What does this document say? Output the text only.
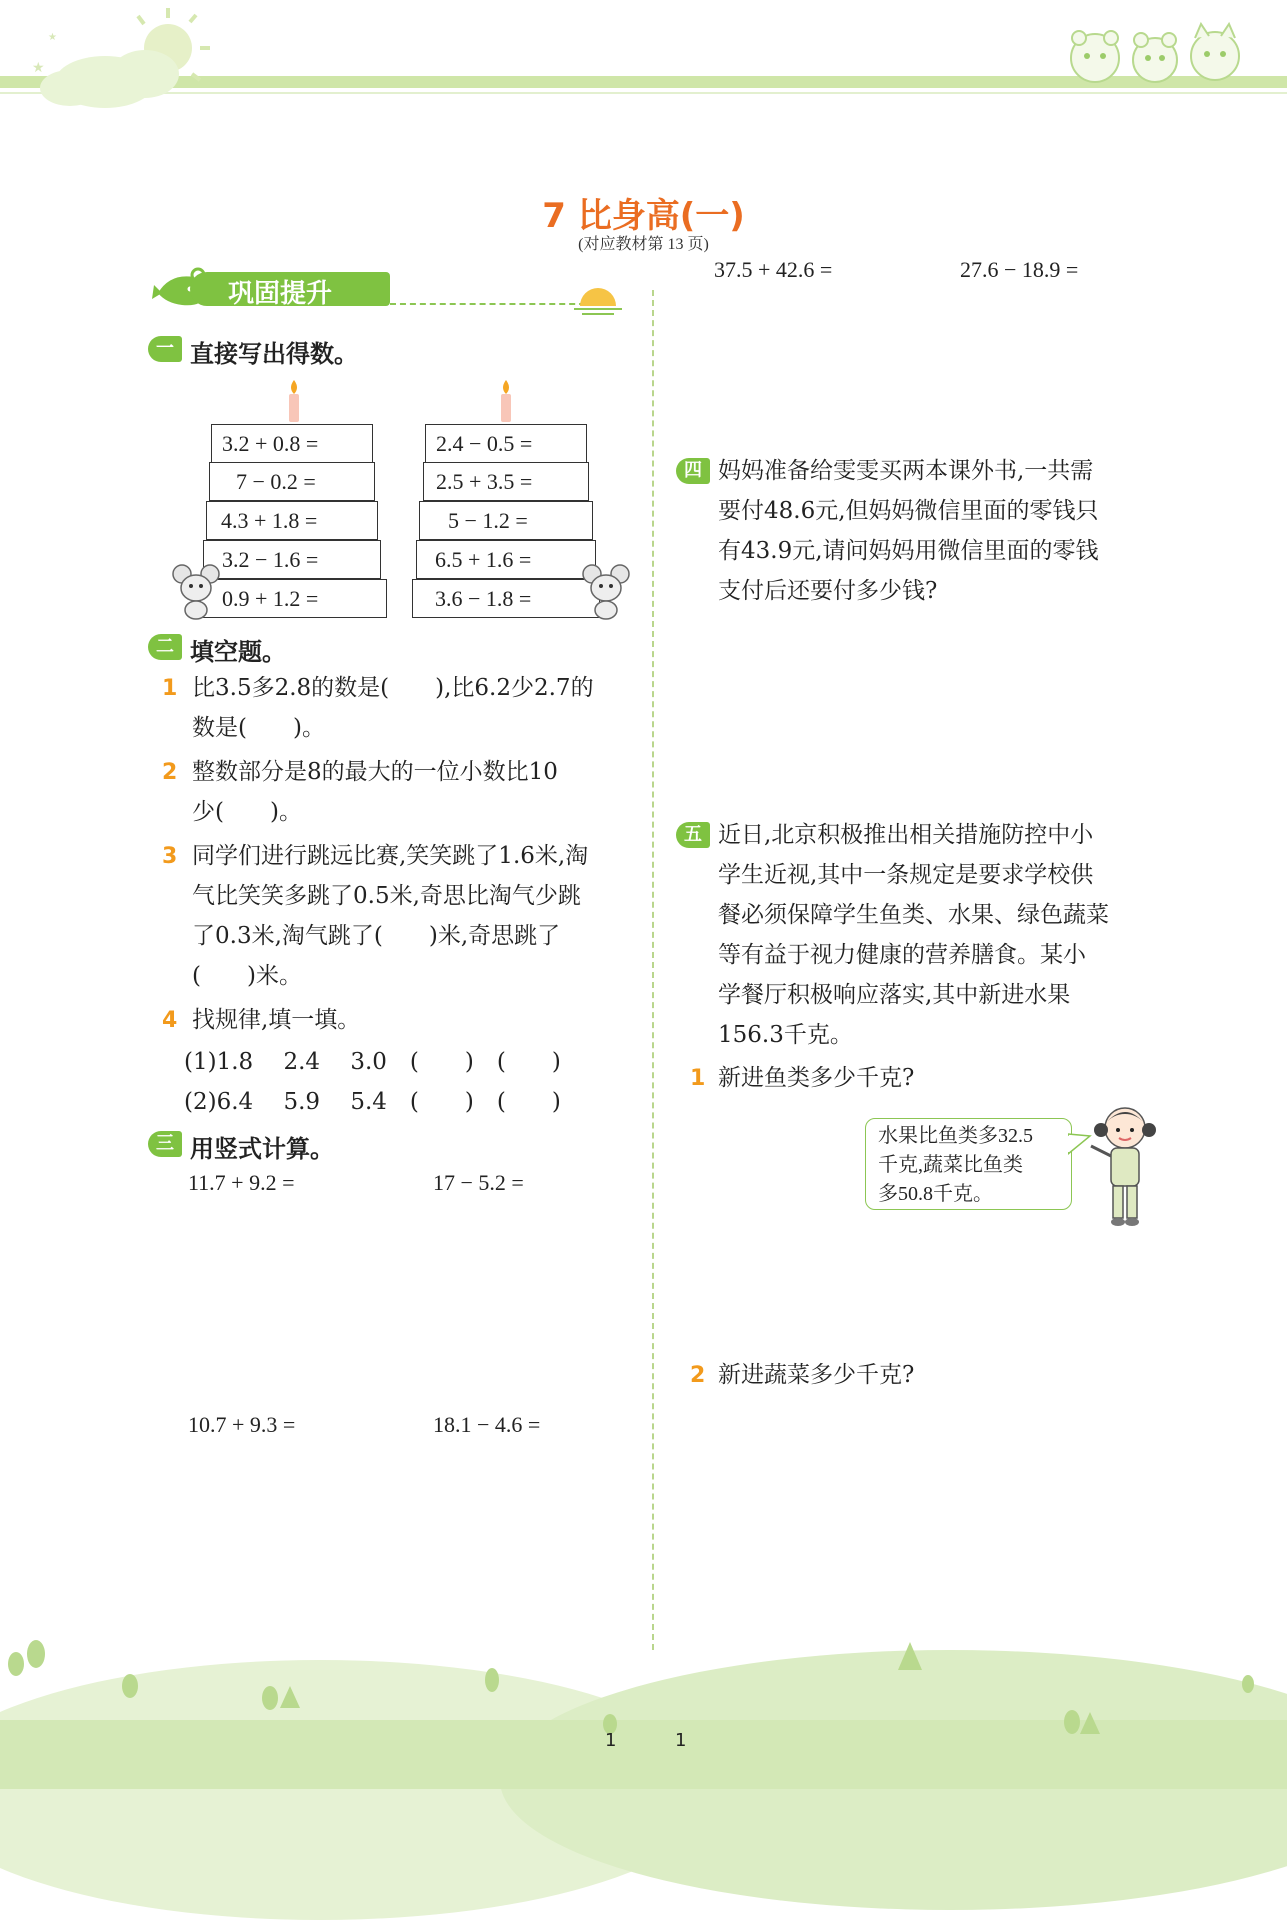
★
★
7 比身高(一)
(对应教材第 13 页)
巩固提升
一 直接写出得数。
3.2 + 0.8 =
7 − 0.2 =
4.3 + 1.8 =
3.2 − 1.6 =
0.9 + 1.2 =
2.4 − 0.5 =
2.5 + 3.5 =
5 − 1.2 =
6.5 + 1.6 =
3.6 − 1.8 =
二 填空题。
1 比3.5多2.8的数是(　　),比6.2少2.7的
数是(　　)。
2 整数部分是8的最大的一位小数比10
少(　　)。
3 同学们进行跳远比赛,笑笑跳了1.6米,淘
气比笑笑多跳了0.5米,奇思比淘气少跳
了0.3米,淘气跳了(　　)米,奇思跳了
(　　)米。
4 找规律,填一填。
(1)1.8　 2.4　 3.0　(　　)　(　　)
(2)6.4　 5.9　 5.4　(　　)　(　　)
三 用竖式计算。
11.7 + 9.2 =	17 − 5.2 =
10.7 + 9.3 =	18.1 − 4.6 =
37.5 + 42.6 =	27.6 − 18.9 =
四 妈妈准备给雯雯买两本课外书,一共需
要付48.6元,但妈妈微信里面的零钱只
有43.9元,请问妈妈用微信里面的零钱
支付后还要付多少钱?
五 近日,北京积极推出相关措施防控中小
学生近视,其中一条规定是要求学校供
餐必须保障学生鱼类、水果、绿色蔬菜
等有益于视力健康的营养膳食。某小
学餐厅积极响应落实,其中新进水果
156.3千克。
1 新进鱼类多少千克?
水果比鱼类多32.5
千克,蔬菜比鱼类
多50.8千克。
2 新进蔬菜多少千克?
1	1
